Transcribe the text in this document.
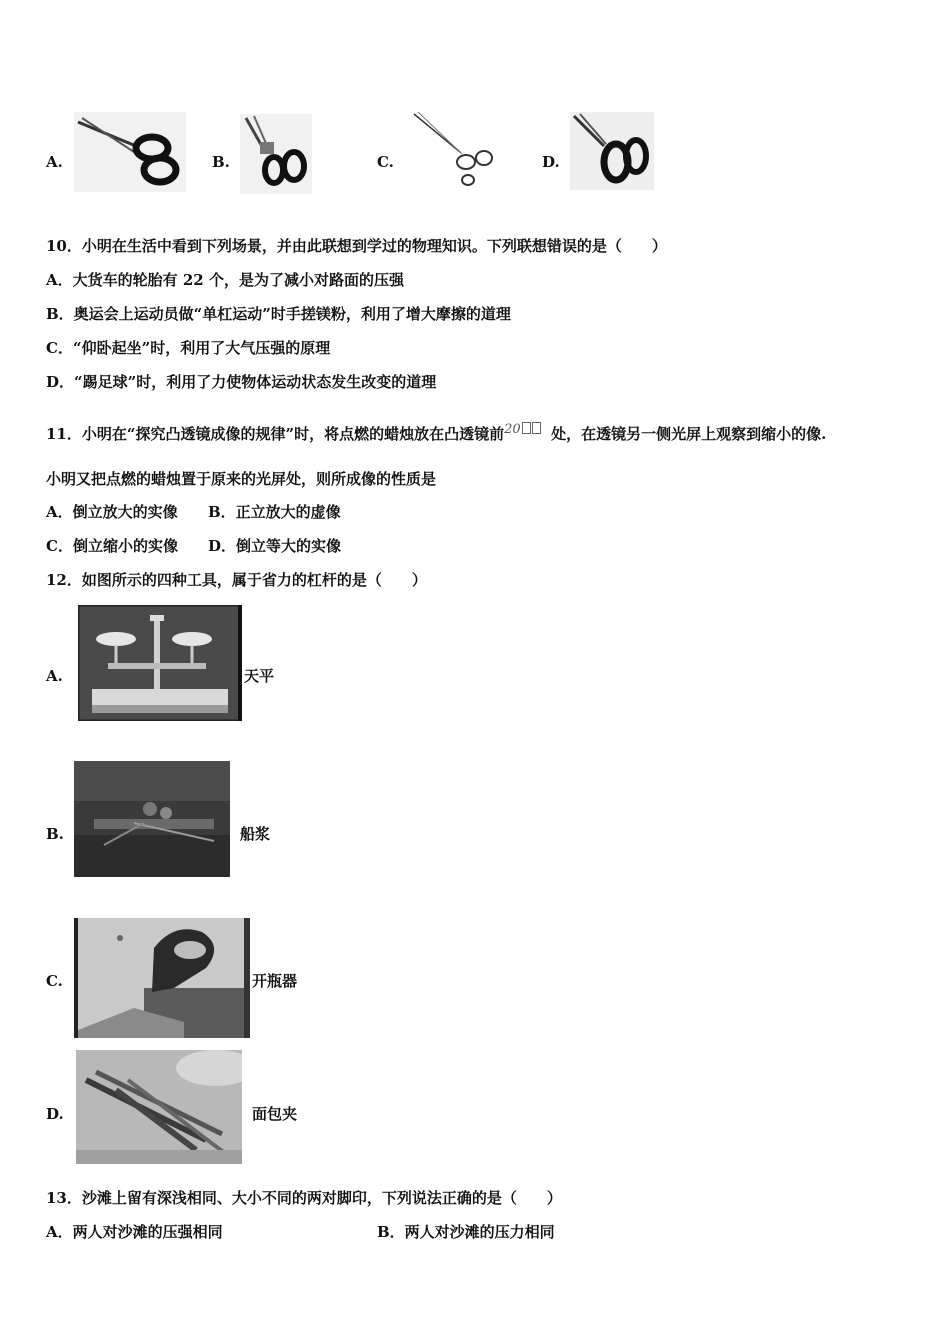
A.	B.	C.	D.
10．小明在生活中看到下列场景，并由此联想到学过的物理知识。下列联想错误的是（　　）
A．大货车的轮胎有 22 个，是为了减小对路面的压强
B．奥运会上运动员做“单杠运动”时手搓镁粉，利用了增大摩擦的道理
C．“仰卧起坐”时，利用了大气压强的原理
D．“踢足球”时，利用了力使物体运动状态发生改变的道理
11．小明在“探究凸透镜成像的规律”时，将点燃的蜡烛放在凸透镜前20 处，在透镜另一侧光屏上观察到缩小的像.
小明又把点燃的蜡烛置于原来的光屏处，则所成像的性质是
A．倒立放大的实像 B．正立放大的虚像
C．倒立缩小的实像 D．倒立等大的实像
12．如图所示的四种工具，属于省力的杠杆的是（　　）
A.	天平
B.	船浆
C.	开瓶器
D.	面包夹
13．沙滩上留有深浅相同、大小不同的两对脚印，下列说法正确的是（　　）
A．两人对沙滩的压强相同	B．两人对沙滩的压力相同
